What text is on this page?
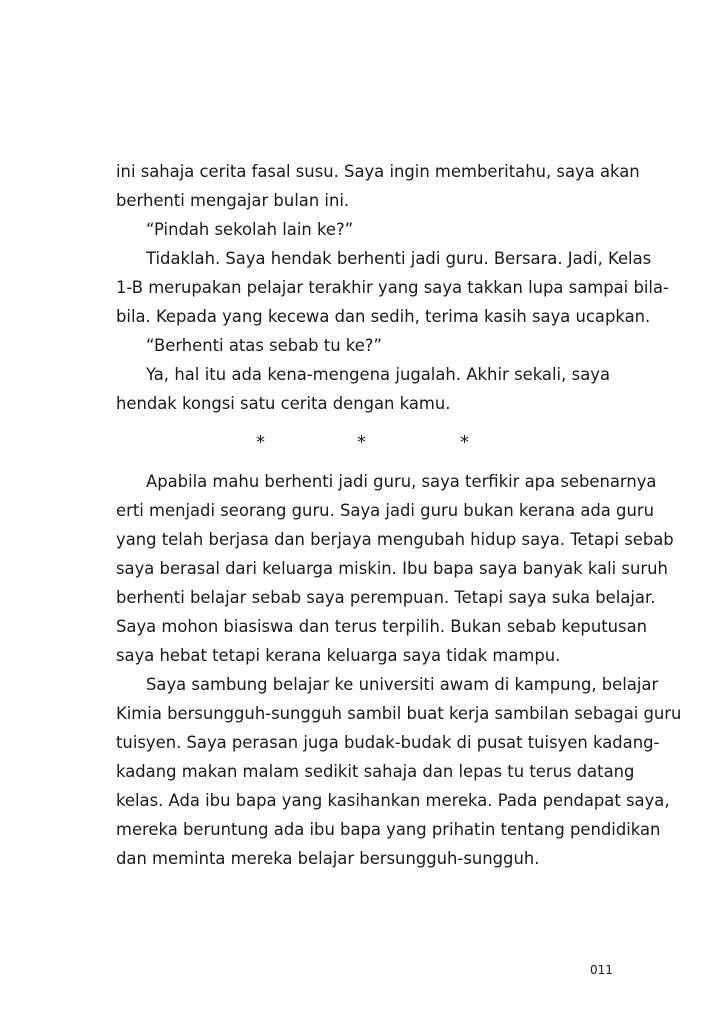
ini sahaja cerita fasal susu. Saya ingin memberitahu, saya akan
berhenti mengajar bulan ini.
“Pindah sekolah lain ke?”
Tidaklah. Saya hendak berhenti jadi guru. Bersara. Jadi, Kelas
1-B merupakan pelajar terakhir yang saya takkan lupa sampai bila-
bila. Kepada yang kecewa dan sedih, terima kasih saya ucapkan.
“Berhenti atas sebab tu ke?”
Ya, hal itu ada kena-mengena jugalah. Akhir sekali, saya
hendak kongsi satu cerita dengan kamu.
*	*	*
Apabila mahu berhenti jadi guru, saya terfikir apa sebenarnya
erti menjadi seorang guru. Saya jadi guru bukan kerana ada guru
yang telah berjasa dan berjaya mengubah hidup saya. Tetapi sebab
saya berasal dari keluarga miskin. Ibu bapa saya banyak kali suruh
berhenti belajar sebab saya perempuan. Tetapi saya suka belajar.
Saya mohon biasiswa dan terus terpilih. Bukan sebab keputusan
saya hebat tetapi kerana keluarga saya tidak mampu.
Saya sambung belajar ke universiti awam di kampung, belajar
Kimia bersungguh-sungguh sambil buat kerja sambilan sebagai guru
tuisyen. Saya perasan juga budak-budak di pusat tuisyen kadang-
kadang makan malam sedikit sahaja dan lepas tu terus datang
kelas. Ada ibu bapa yang kasihankan mereka. Pada pendapat saya,
mereka beruntung ada ibu bapa yang prihatin tentang pendidikan
dan meminta mereka belajar bersungguh-sungguh.
011
